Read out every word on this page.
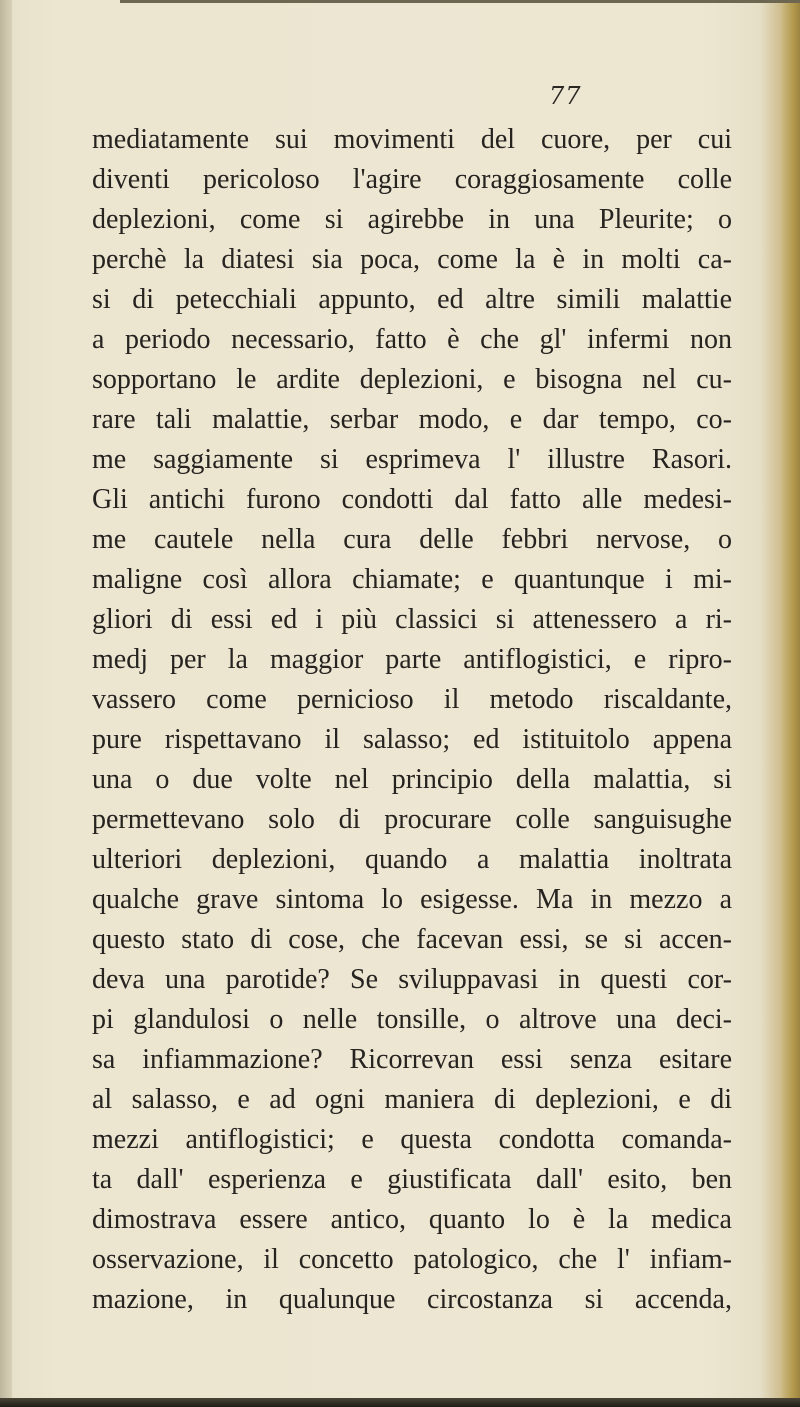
77
mediatamente sui movimenti del cuore, per cui
diventi pericoloso l'agire coraggiosamente colle
deplezioni, come si agirebbe in una Pleurite; o
perchè la diatesi sia poca, come la è in molti ca-
si di petecchiali appunto, ed altre simili malattie
a periodo necessario, fatto è che gl' infermi non
sopportano le ardite deplezioni, e bisogna nel cu-
rare tali malattie, serbar modo, e dar tempo, co-
me saggiamente si esprimeva l' illustre Rasori.
Gli antichi furono condotti dal fatto alle medesi-
me cautele nella cura delle febbri nervose, o
maligne così allora chiamate; e quantunque i mi-
gliori di essi ed i più classici si attenessero a ri-
medj per la maggior parte antiflogistici, e ripro-
vassero come pernicioso il metodo riscaldante,
pure rispettavano il salasso; ed istituitolo appena
una o due volte nel principio della malattia, si
permettevano solo di procurare colle sanguisughe
ulteriori deplezioni, quando a malattia inoltrata
qualche grave sintoma lo esigesse. Ma in mezzo a
questo stato di cose, che facevan essi, se si accen-
deva una parotide? Se sviluppavasi in questi cor-
pi glandulosi o nelle tonsille, o altrove una deci-
sa infiammazione? Ricorrevan essi senza esitare
al salasso, e ad ogni maniera di deplezioni, e di
mezzi antiflogistici; e questa condotta comanda-
ta dall' esperienza e giustificata dall' esito, ben
dimostrava essere antico, quanto lo è la medica
osservazione, il concetto patologico, che l' infiam-
mazione, in qualunque circostanza si accenda,
